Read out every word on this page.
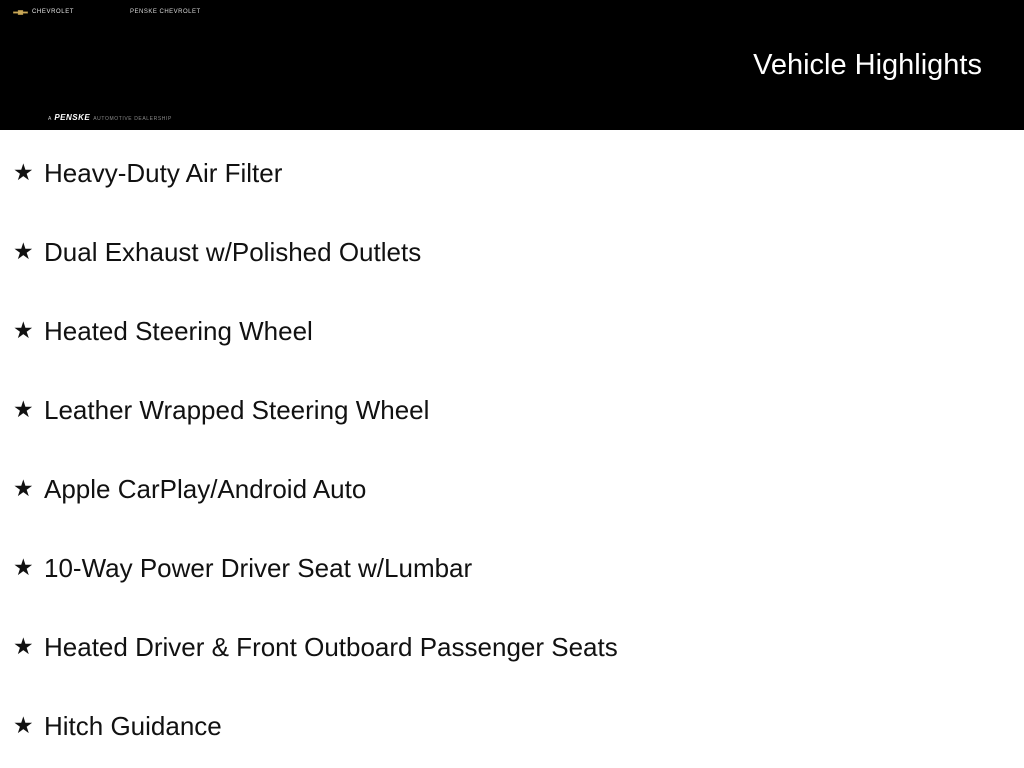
CHEVROLET	PENSKE CHEVROLET
A PENSKE AUTOMOTIVE DEALERSHIP
Vehicle Highlights
★ Heavy-Duty Air Filter
★ Dual Exhaust w/Polished Outlets
★ Heated Steering Wheel
★ Leather Wrapped Steering Wheel
★ Apple CarPlay/Android Auto
★ 10-Way Power Driver Seat w/Lumbar
★ Heated Driver & Front Outboard Passenger Seats
★ Hitch Guidance
